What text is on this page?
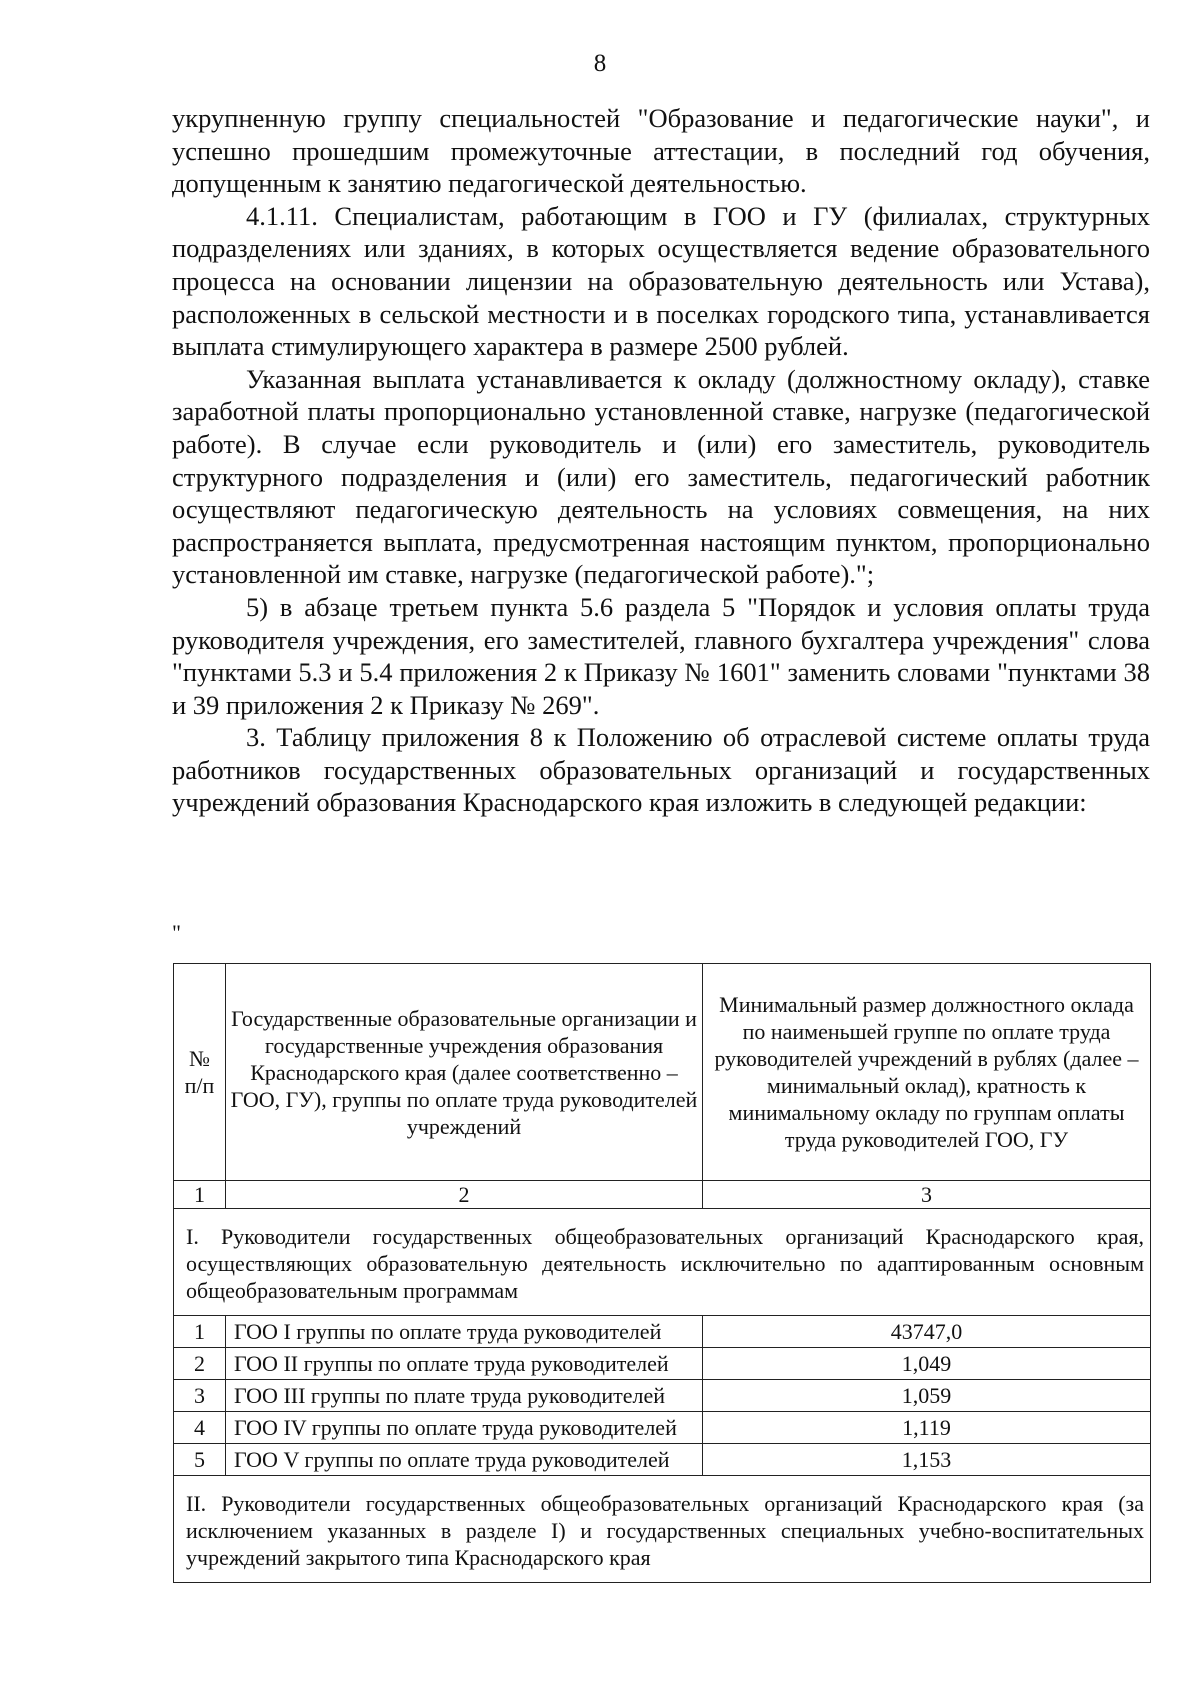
8

укрупненную группу специальностей "Образование и педагогические науки", и успешно прошедшим промежуточные аттестации, в последний год обучения, допущенным к занятию педагогической деятельностью.

4.1.11. Специалистам, работающим в ГОО и ГУ (филиалах, структурных подразделениях или зданиях, в которых осуществляется ведение образовательного процесса на основании лицензии на образовательную деятельность или Устава), расположенных в сельской местности и в поселках городского типа, устанавливается выплата стимулирующего характера в размере 2500 рублей.

Указанная выплата устанавливается к окладу (должностному окладу), ставке заработной платы пропорционально установленной ставке, нагрузке (педагогической работе). В случае если руководитель и (или) его заместитель, руководитель структурного подразделения и (или) его заместитель, педагогический работник осуществляют педагогическую деятельность на условиях совмещения, на них распространяется выплата, предусмотренная настоящим пунктом, пропорционально установленной им ставке, нагрузке (педагогической работе).";

5) в абзаце третьем пункта 5.6 раздела 5 "Порядок и условия оплаты труда руководителя учреждения, его заместителей, главного бухгалтера учреждения" слова "пунктами 5.3 и 5.4 приложения 2 к Приказу № 1601" заменить словами "пунктами 38 и 39 приложения 2 к Приказу № 269".

3. Таблицу приложения 8 к Положению об отраслевой системе оплаты труда работников государственных образовательных организаций и государственных учреждений образования Краснодарского края изложить в следующей редакции:

"
№ п/п	Государственные образовательные организации и государственные учреждения образования Краснодарского края (далее соответственно – ГОО, ГУ), группы по оплате труда руководителей учреждений	Минимальный размер должностного оклада по наименьшей группе по оплате труда руководителей учреждений в рублях (далее – минимальный оклад), кратность к минимальному окладу по группам оплаты труда руководителей ГОО, ГУ
1	2	3
I. Руководители государственных общеобразовательных организаций Краснодарского края, осуществляющих образовательную деятельность исключительно по адаптированным основным общеобразовательным программам		
1	ГОО I группы по оплате труда руководителей	43747,0
2	ГОО II группы по оплате труда руководителей	1,049
3	ГОО III группы по плате труда руководителей	1,059
4	ГОО IV группы по оплате труда руководителей	1,119
5	ГОО V группы по оплате труда руководителей	1,153
II. Руководители государственных общеобразовательных организаций Краснодарского края (за исключением указанных в разделе I) и государственных специальных учебно-воспитательных учреждений закрытого типа Краснодарского края		
